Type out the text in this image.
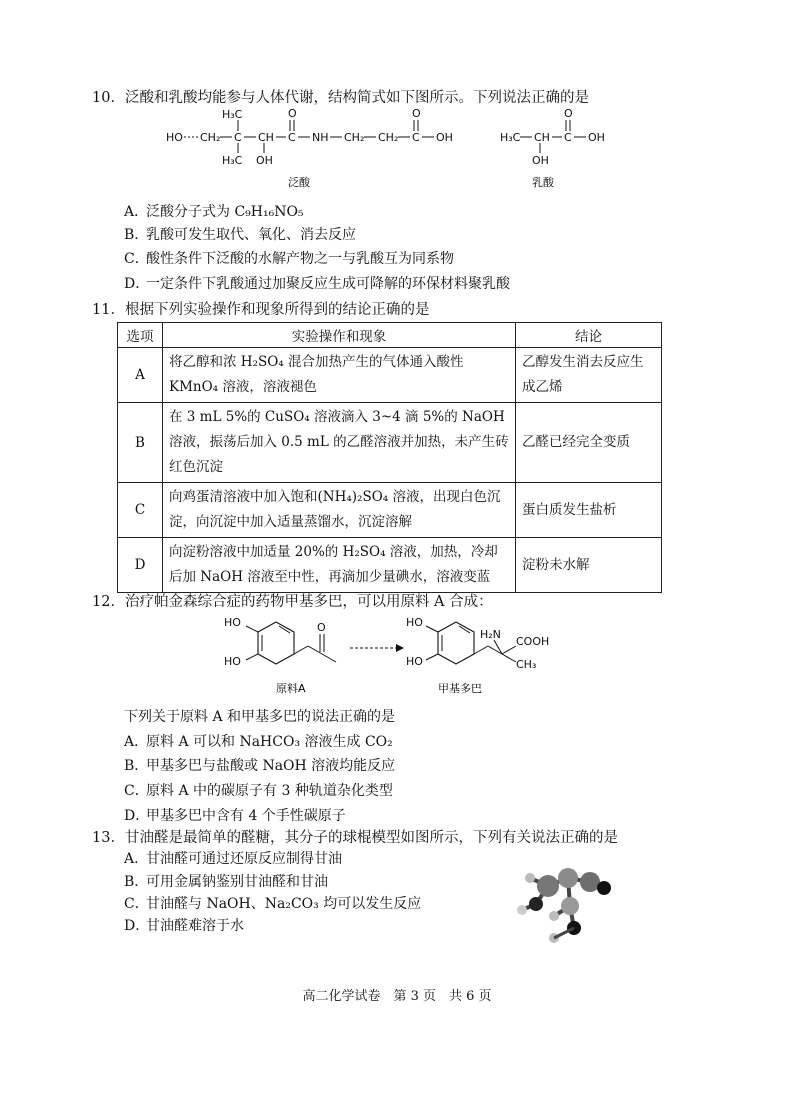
10．泛酸和乳酸均能参与人体代谢，结构简式如下图所示。下列说法正确的是
HO CH₂ C
H₃C
H₃C
CH
OH
C
O
NH CH₂ CH₂ C
O
OH
泛酸
H₃C CH
OH
C
O
OH
乳酸
A．泛酸分子式为 C₉H₁₆NO₅
B．乳酸可发生取代、氧化、消去反应
C．酸性条件下泛酸的水解产物之一与乳酸互为同系物
D．一定条件下乳酸通过加聚反应生成可降解的环保材料聚乳酸
11．根据下列实验操作和现象所得到的结论正确的是
选项	实验操作和现象	结论
A	将乙醇和浓 H₂SO₄ 混合加热产生的气体通入酸性 KMnO₄ 溶液，溶液褪色	乙醇发生消去反应生成乙烯
B	在 3 mL 5%的 CuSO₄ 溶液滴入 3~4 滴 5%的 NaOH 溶液，振荡后加入 0.5 mL 的乙醛溶液并加热，未产生砖红色沉淀	乙醛已经完全变质
C	向鸡蛋清溶液中加入饱和(NH₄)₂SO₄ 溶液，出现白色沉淀，向沉淀中加入适量蒸馏水，沉淀溶解	蛋白质发生盐析
D	向淀粉溶液中加适量 20%的 H₂SO₄ 溶液，加热，冷却后加 NaOH 溶液至中性，再滴加少量碘水，溶液变蓝	淀粉未水解
12．治疗帕金森综合症的药物甲基多巴，可以用原料 A 合成：
HO
HO
O
原料A
HO
HO
H₂N
COOH
CH₃
甲基多巴
下列关于原料 A 和甲基多巴的说法正确的是
A．原料 A 可以和 NaHCO₃ 溶液生成 CO₂
B．甲基多巴与盐酸或 NaOH 溶液均能反应
C．原料 A 中的碳原子有 3 种轨道杂化类型
D．甲基多巴中含有 4 个手性碳原子
13．甘油醛是最简单的醛糖，其分子的球棍模型如图所示，下列有关说法正确的是
A．甘油醛可通过还原反应制得甘油
B．可用金属钠鉴别甘油醛和甘油
C．甘油醛与 NaOH、Na₂CO₃ 均可以发生反应
D．甘油醛难溶于水
高二化学试卷　第 3 页　共 6 页
